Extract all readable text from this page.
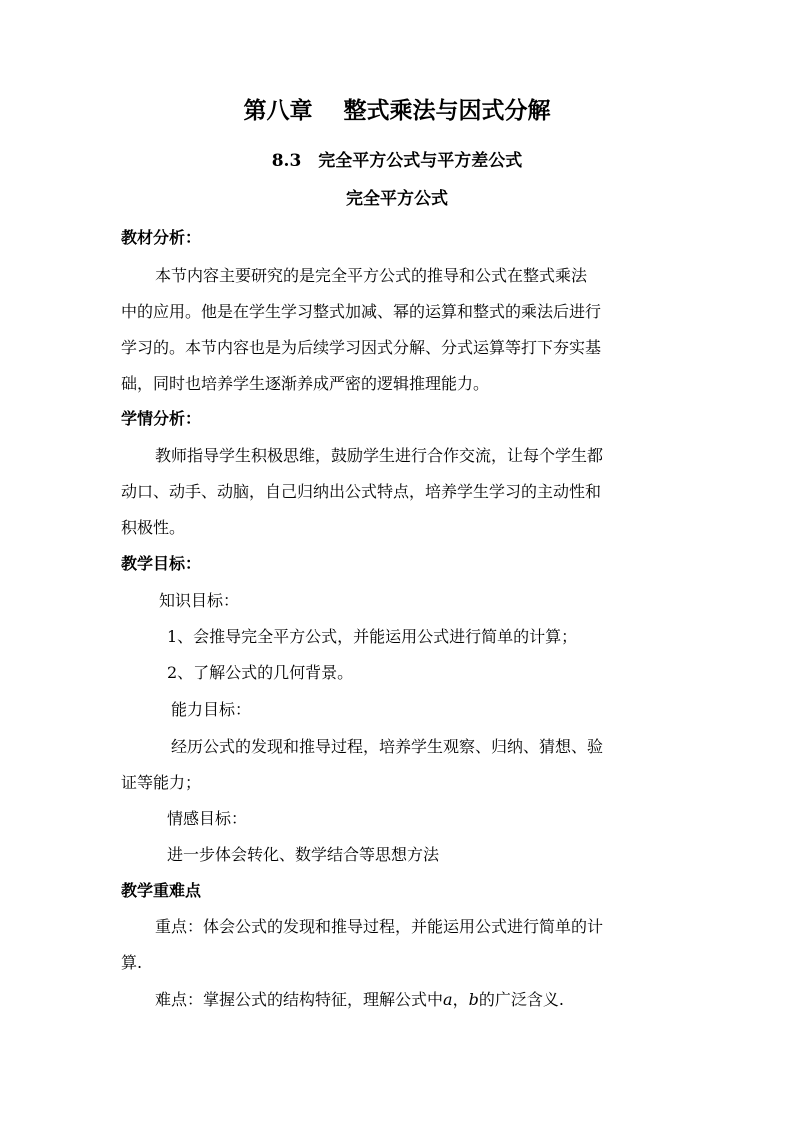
第八章　 整式乘法与因式分解
8.3　完全平方公式与平方差公式
完全平方公式
教材分析：
本节内容主要研究的是完全平方公式的推导和公式在整式乘法
中的应用。他是在学生学习整式加减、幂的运算和整式的乘法后进行
学习的。本节内容也是为后续学习因式分解、分式运算等打下夯实基
础，同时也培养学生逐渐养成严密的逻辑推理能力。
学情分析：
教师指导学生积极思维，鼓励学生进行合作交流，让每个学生都
动口、动手、动脑，自己归纳出公式特点，培养学生学习的主动性和
积极性。
教学目标：
知识目标：
1、会推导完全平方公式，并能运用公式进行简单的计算；
2、了解公式的几何背景。
能力目标：
经历公式的发现和推导过程，培养学生观察、归纳、猜想、验
证等能力；
情感目标：
进一步体会转化、数学结合等思想方法
教学重难点
重点：体会公式的发现和推导过程，并能运用公式进行简单的计
算.
难点：掌握公式的结构特征，理解公式中a，b的广泛含义.
